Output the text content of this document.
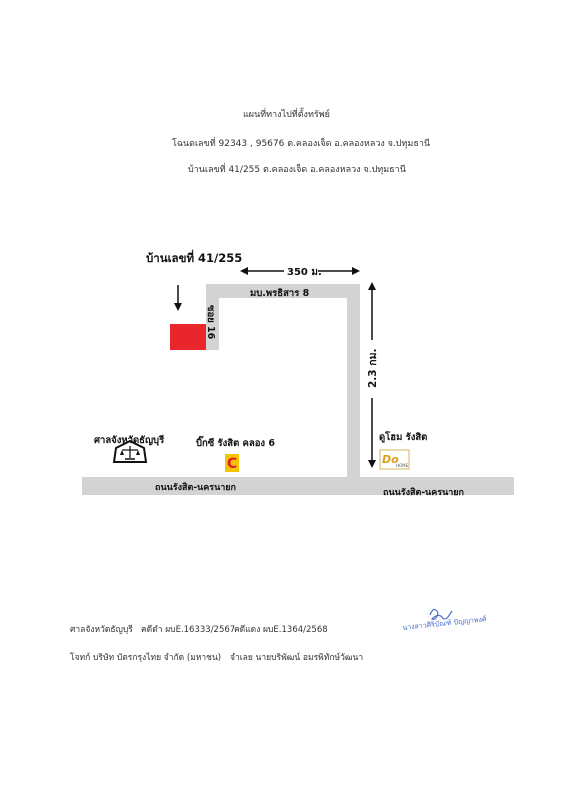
แผนที่ทางไปที่ตั้งทรัพย์
โฉนดเลขที่ 92343 , 95676 ต.คลองเจ็ด อ.คลองหลวง จ.ปทุมธานี
บ้านเลขที่ 41/255 ต.คลองเจ็ด อ.คลองหลวง จ.ปทุมธานี
C	Do
HOME
บ้านเลขที่ 41/255
350 ม.
มบ.พรธิสาร 8
ซอย 16
2.3 กม.
ศาลจังหวัดธัญบุรี	บิ๊กซี รังสิต คลอง 6
ดูโฮม รังสิต
ถนนรังสิต-นครนายก	ถนนรังสิต-นครนายก
ศาลจังหวัดธัญบุรี คดีดำ ผบE.16333/2567
คดีแดง ผบE.1364/2568
โจทก์ บริษัท บัตรกรุงไทย จำกัด (มหาชน) จำเลย นายบริพัฒน์ อมรพิทักษ์วัฒนา
นางสาวศิริบัณฑ์ ปัญญาพงศ์
